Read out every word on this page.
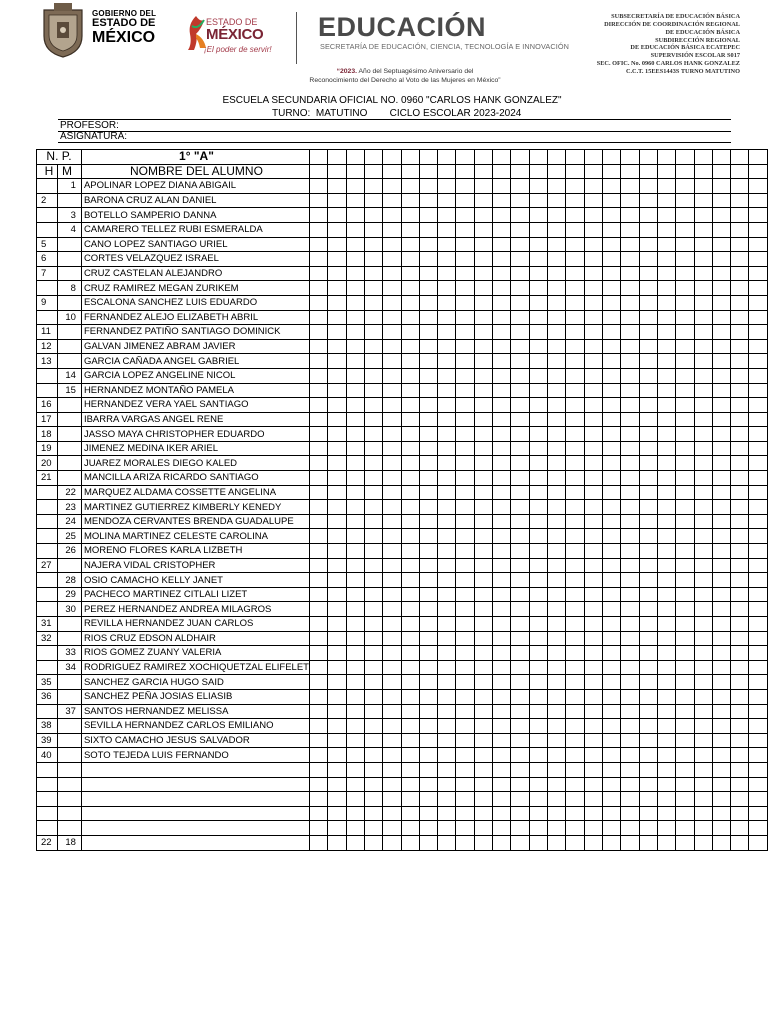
GOBIERNO DEL
ESTADO DE
MÉXICO
ESTADO DE
MÉXICO
¡El poder de servir!
EDUCACIÓN
SECRETARÍA DE EDUCACIÓN, CIENCIA, TECNOLOGÍA E INNOVACIÓN
“2023. Año del Septuagésimo Aniversario del
Reconocimiento del Derecho al Voto de las Mujeres en México”
SUBSECRETARÍA DE EDUCACIÓN BÁSICA
DIRECCIÓN DE COORDINACIÓN REGIONAL
DE EDUCACIÓN BÁSICA
SUBDIRECCIÓN REGIONAL
DE EDUCACIÓN BÁSICA ECATEPEC
SUPERVISIÓN ESCOLAR S017
SEC. OFIC. No. 0960 CARLOS HANK GONZALEZ
C.C.T. 15EES1443S TURNO MATUTINO
ESCUELA SECUNDARIA OFICIAL NO. 0960 "CARLOS HANK GONZALEZ"
TURNO:  MATUTINO CICLO ESCOLAR 2023-2024
PROFESOR:
ASIGNATURA:
N. P.		1° "A"																									
H	M	NOMBRE DEL ALUMNO																									
	1	APOLINAR LOPEZ DIANA ABIGAIL																									
2		BARONA CRUZ ALAN DANIEL																									
	3	BOTELLO SAMPERIO DANNA																									
	4	CAMARERO TELLEZ RUBI ESMERALDA																									
5		CANO LOPEZ SANTIAGO URIEL																									
6		CORTES VELAZQUEZ ISRAEL																									
7		CRUZ CASTELAN ALEJANDRO																									
	8	CRUZ RAMIREZ MEGAN ZURIKEM																									
9		ESCALONA SANCHEZ LUIS EDUARDO																									
	10	FERNANDEZ ALEJO ELIZABETH ABRIL																									
11		FERNANDEZ PATIÑO SANTIAGO DOMINICK																									
12		GALVAN JIMENEZ ABRAM JAVIER																									
13		GARCIA CAÑADA ANGEL GABRIEL																									
	14	GARCIA LOPEZ ANGELINE NICOL																									
	15	HERNANDEZ MONTAÑO PAMELA																									
16		HERNANDEZ VERA YAEL SANTIAGO																									
17		IBARRA VARGAS ANGEL RENE																									
18		JASSO MAYA CHRISTOPHER EDUARDO																									
19		JIMENEZ MEDINA IKER ARIEL																									
20		JUAREZ MORALES DIEGO KALED																									
21		MANCILLA ARIZA RICARDO SANTIAGO																									
	22	MARQUEZ ALDAMA COSSETTE ANGELINA																									
	23	MARTINEZ GUTIERREZ KIMBERLY KENEDY																									
	24	MENDOZA CERVANTES BRENDA GUADALUPE																									
	25	MOLINA MARTINEZ CELESTE CAROLINA																									
	26	MORENO FLORES KARLA LIZBETH																									
27		NAJERA VIDAL CRISTOPHER																									
	28	OSIO CAMACHO KELLY JANET																									
	29	PACHECO MARTINEZ CITLALI LIZET																									
	30	PEREZ HERNANDEZ ANDREA MILAGROS																									
31		REVILLA HERNANDEZ JUAN CARLOS																									
32		RIOS CRUZ EDSON ALDHAIR																									
	33	RIOS GOMEZ ZUANY VALERIA																									
	34	RODRIGUEZ RAMIREZ XOCHIQUETZAL ELIFELET																									
35		SANCHEZ GARCIA HUGO SAID																									
36		SANCHEZ PEÑA JOSIAS ELIASIB																									
	37	SANTOS HERNANDEZ MELISSA																									
38		SEVILLA HERNANDEZ CARLOS EMILIANO																									
39		SIXTO CAMACHO JESUS SALVADOR																									
40		SOTO TEJEDA LUIS FERNANDO																									

22	18																										
